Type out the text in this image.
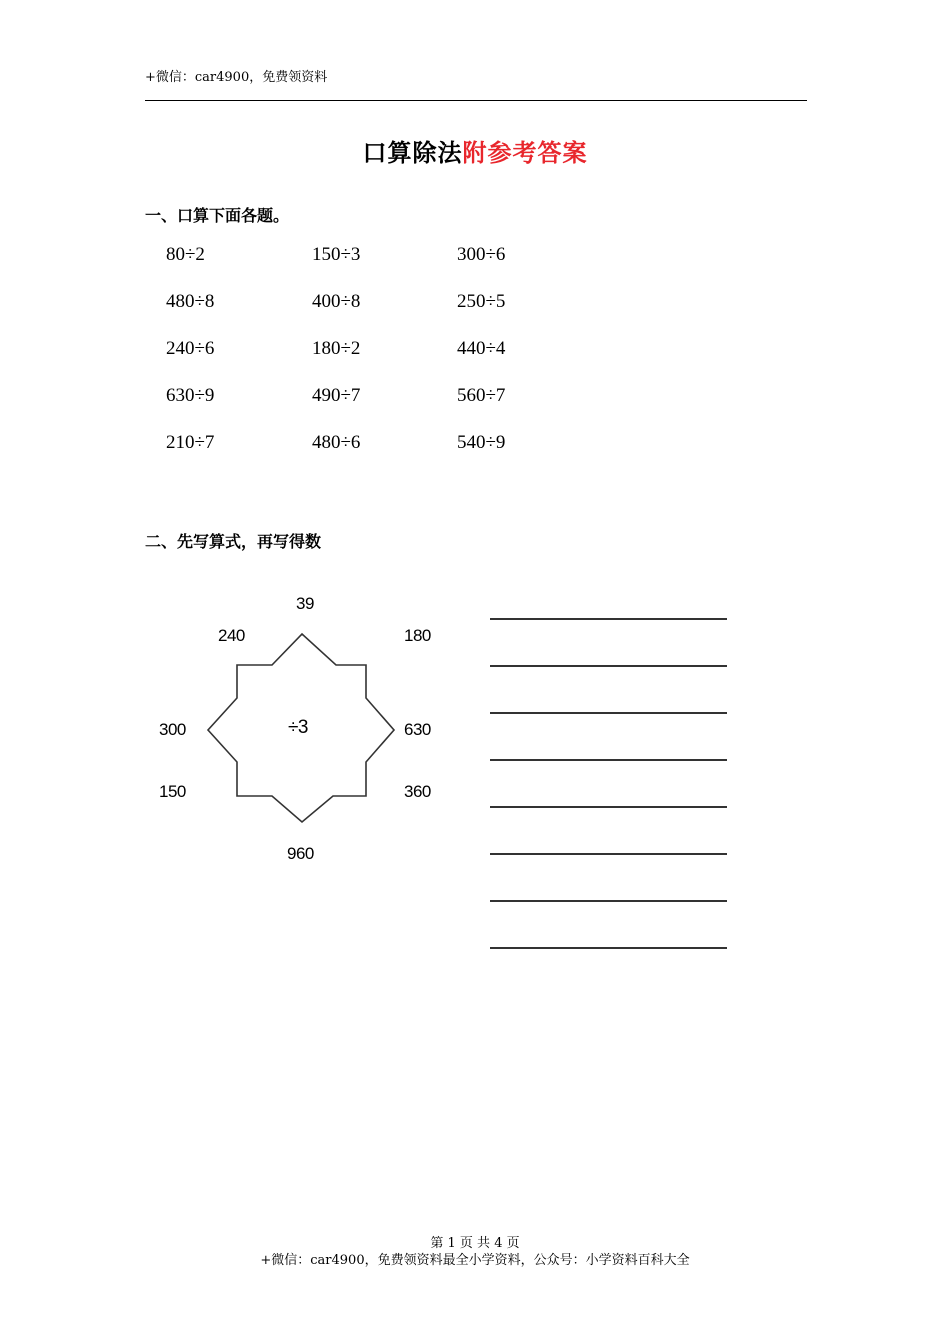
+微信：car4900，免费领资料
口算除法附参考答案
一、口算下面各题。
80÷2	150÷3	300÷6
480÷8	400÷8	250÷5
240÷6	180÷2	440÷4
630÷9	490÷7	560÷7
210÷7	480÷6	540÷9
二、先写算式，再写得数
÷3
39
240	180
300	630
150	360
960
第 1 页 共 4 页
+微信：car4900，免费领资料最全小学资料，公众号：小学资料百科大全
